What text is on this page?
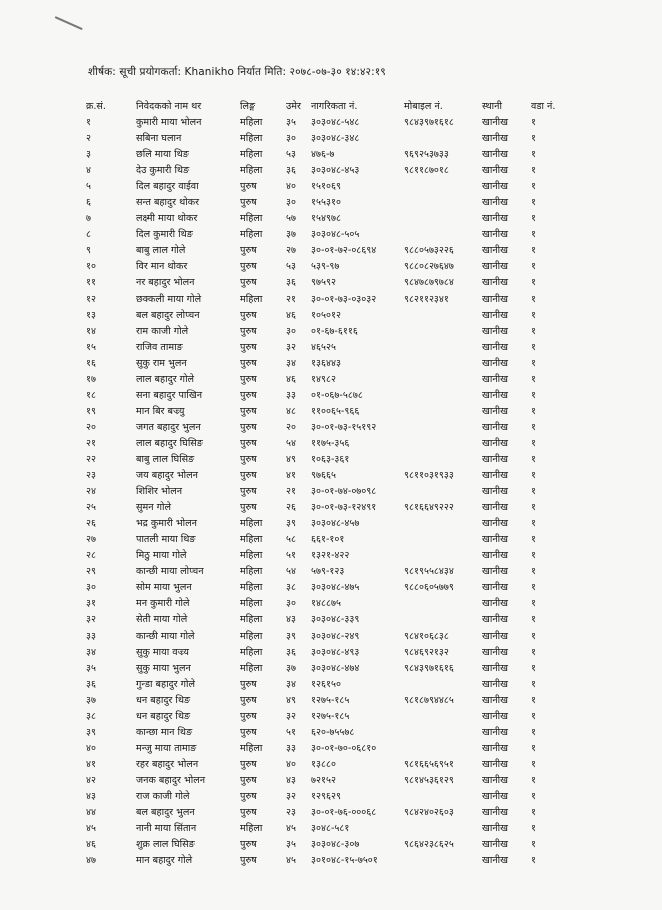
शीर्षक: सूची प्रयोगकर्ता: Khanikho निर्यात मिति: २०७८-०७-३० १४:४२:१९
क्र.सं.	निवेदकको नाम थर	लिङ्ग	उमेर	नागरिकता नं.	मोबाइल नं.	स्थानी	वडा नं.
१	कुमारी माया भोलन	महिला	३५	३०३०४८-५४८	९८४३९७१६१८	खानीख	१
२	सबिना घलान	महिला	३०	३०३०४८-३४८		खानीख	१
३	छलि माया थिङ	महिला	५३	४७६-७	९६९२५३७३३	खानीख	१
४	देउ कुमारी थिङ	महिला	३६	३०३०४८-४५३	९८११८७०१८	खानीख	१
५	दिल बहादुर वाईवा	पुरुष	४०	१५१०६९		खानीख	१
६	सन्त बहादुर थोकर	पुरुष	३०	१५५३१०		खानीख	१
७	लक्ष्मी माया थोकर	महिला	५७	१५४९७८		खानीख	१
८	दिल कुमारी थिङ	महिला	३७	३०३०४८-५०५		खानीख	१
९	बाबु लाल गोले	पुरुष	२७	३०-०१-७२-०८६९४	९८८०५७३२२६	खानीख	१
१०	विर मान थोकर	पुरुष	५३	५३९-९७	९८८०८२७६४७	खानीख	१
११	नर बहादुर भोलन	पुरुष	३६	९७५९२	९८४७८७९७८४	खानीख	१
१२	छक्कली माया गोले	महिला	२१	३०-०१-७३-०३०३२	९८२११२३४१	खानीख	१
१३	बल बहादुर लोप्चन	पुरुष	४६	१०५०१२		खानीख	१
१४	राम काजी गोले	पुरुष	३०	०१-६७-६११६		खानीख	१
१५	राजिव तामाङ	पुरुष	३२	४६५२५		खानीख	१
१६	सुकु राम भुलन	पुरुष	३४	१३६४४३		खानीख	१
१७	लाल बहादुर गोले	पुरुष	४६	१४९८२		खानीख	१
१८	सना बहादुर पाखिन	पुरुष	३३	०१-०६७-५८७८		खानीख	१
१९	मान बिर बज्र्यु	पुरुष	४८	११००६५-९६६		खानीख	१
२०	जगत बहादुर भुलन	पुरुष	२०	३०-०१-७३-१५१९२		खानीख	१
२१	लाल बहादुर घिसिङ	पुरुष	५४	११७५-३५६		खानीख	१
२२	बाबु लाल घिसिङ	पुरुष	४९	१०६३-३६१		खानीख	१
२३	जय बहादुर भोलन	पुरुष	४१	९७६६५	९८११०३१९३३	खानीख	१
२४	शिशिर भोलन	पुरुष	२१	३०-०१-७४-०७०९८		खानीख	१
२५	सुमन गोले	पुरुष	२६	३०-०१-७३-१२४९१	९८१६६४९२२२	खानीख	१
२६	भद्र कुमारी भोलन	महिला	३९	३०३०४८-४५७		खानीख	१
२७	पातली माया थिङ	महिला	५८	६६१-१०१		खानीख	१
२८	मिठु माया गोले	महिला	५१	१३२१-४२२		खानीख	१
२९	कान्छी माया लोप्चन	महिला	५४	५७९-१२३	९८१९५५८४३४	खानीख	१
३०	सोम माया भुलन	महिला	३८	३०३०४८-४७५	९८८०६०५७७९	खानीख	१
३१	मन कुमारी गोले	महिला	३०	१४८८७५		खानीख	१
३२	सेती माया गोले	महिला	४३	३०३०४८-३३९		खानीख	१
३३	कान्छी माया गोले	महिला	३९	३०३०४८-२४९	९८४१०६८३८	खानीख	१
३४	सुकु माया वज्र्य	महिला	३६	३०३०४८-४९३	९८४६९२१३२	खानीख	१
३५	सुकु माया भुलन	महिला	३७	३०३०४८-४७४	९८४३९७१६१६	खानीख	१
३६	गुन्डा बहादुर गोले	पुरुष	३४	१२६१५०		खानीख	१
३७	धन बहादुर थिङ	पुरुष	४९	१२७५-१८५	९८१८७९४४८५	खानीख	१
३८	धन बहादुर थिङ	पुरुष	३२	१२७५-१८५		खानीख	१
३९	कान्छा मान थिङ	पुरुष	५१	६२०-७५५७८		खानीख	१
४०	मन्जु माया तामाङ	महिला	३३	३०-०१-७०-०६८१०		खानीख	१
४१	रहर बहादुर भोलन	पुरुष	४०	१३८८०	९८१६६५६९५१	खानीख	१
४२	जनक बहादुर भोलन	पुरुष	४३	७२१५२	९८१४५३६१२९	खानीख	१
४३	राज काजी गोले	पुरुष	३२	१२९६२९		खानीख	१
४४	बल बहादुर भुलन	पुरुष	२३	३०-०१-७६-०००६८	९८४२४०२६०३	खानीख	१
४५	नानी माया सिंतान	महिला	४५	३०४८-५८१		खानीख	१
४६	शुक्र लाल घिसिङ	पुरुष	३५	३०३०४८-३०७	९८६४२३८६२५	खानीख	१
४७	मान बहादुर गोले	पुरुष	४५	३०१०४८-१५-७५०१		खानीख	१
